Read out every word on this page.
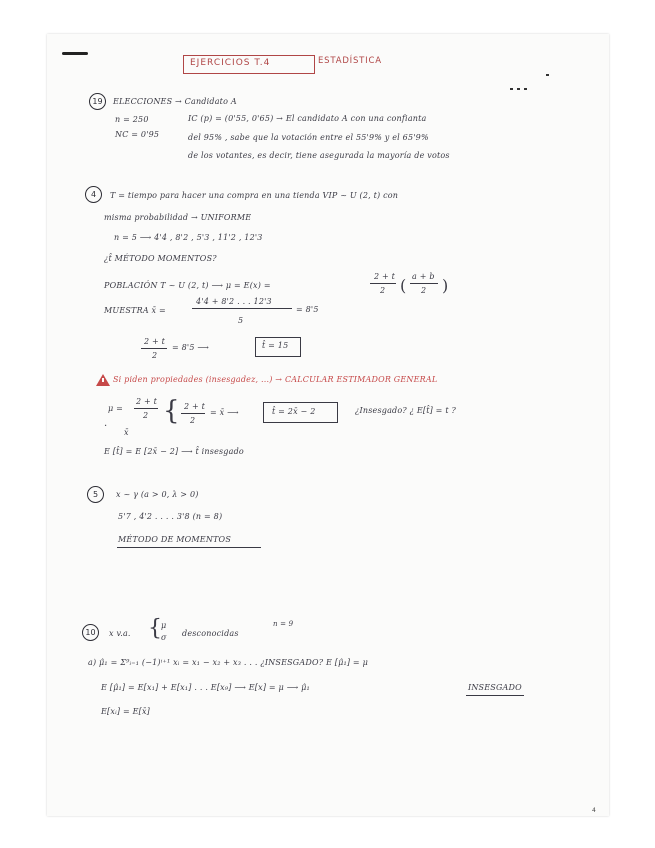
EJERCICIOS T.4	ESTADÍSTICA
19	ELECCIONES → Candidato A
n = 250
NC = 0'95
IC (p) = (0'55, 0'65) → El candidato A con una confianta
del 95% , sabe que la votación entre el 55'9% y el 65'9%
de los votantes, es decir, tiene asegurada la mayoría de votos
4	T = tiempo para hacer una compra en una tienda VIP ~ U (2, t) con
misma probabilidad → UNIFORME
n = 5 ⟶ 4'4 , 8'2 , 5'3 , 11'2 , 12'3
¿t̂ MÉTODO MOMENTOS?
POBLACIÓN T ~ U (2, t) ⟶ μ = E(x) =
2 + t
2 ( a + b
2 )
MUESTRA x̄ =
4'4 + 8'2 . . . 12'3
5
= 8'5
2 + t
2
= 8'5 ⟶	t̂ = 15
Si piden propiedades (insesgadez, ...) → CALCULAR ESTIMADOR GENERAL
μ =
2 + t
2
x̄
. { 2 + t
2
= x̄ ⟶	t̂ = 2x̄ − 2	¿Insesgado? ¿ E[t̂] = t ?
E [t̂] = E [2x̄ − 2] ⟶ t̂ insesgado
5	x ~ γ (a > 0, λ > 0)
5'7 , 4'2 . . . . 3'8 (n = 8)
MÉTODO DE MOMENTOS
10	x v.a. { μ
σ desconocidas
n = 9
a) μ̂₁ = Σ⁹ᵢ₌₁ (−1)ⁱ⁺¹ xᵢ = x₁ − x₂ + x₃ . . . ¿INSESGADO? E [μ̂₁] = μ
E [μ̂₁] = E[x₁] + E[x₁] . . . E[x₉] ⟶ E[x] = μ ⟶ μ̂₁	INSESGADO
E[xᵢ] = E[x̄]
4
